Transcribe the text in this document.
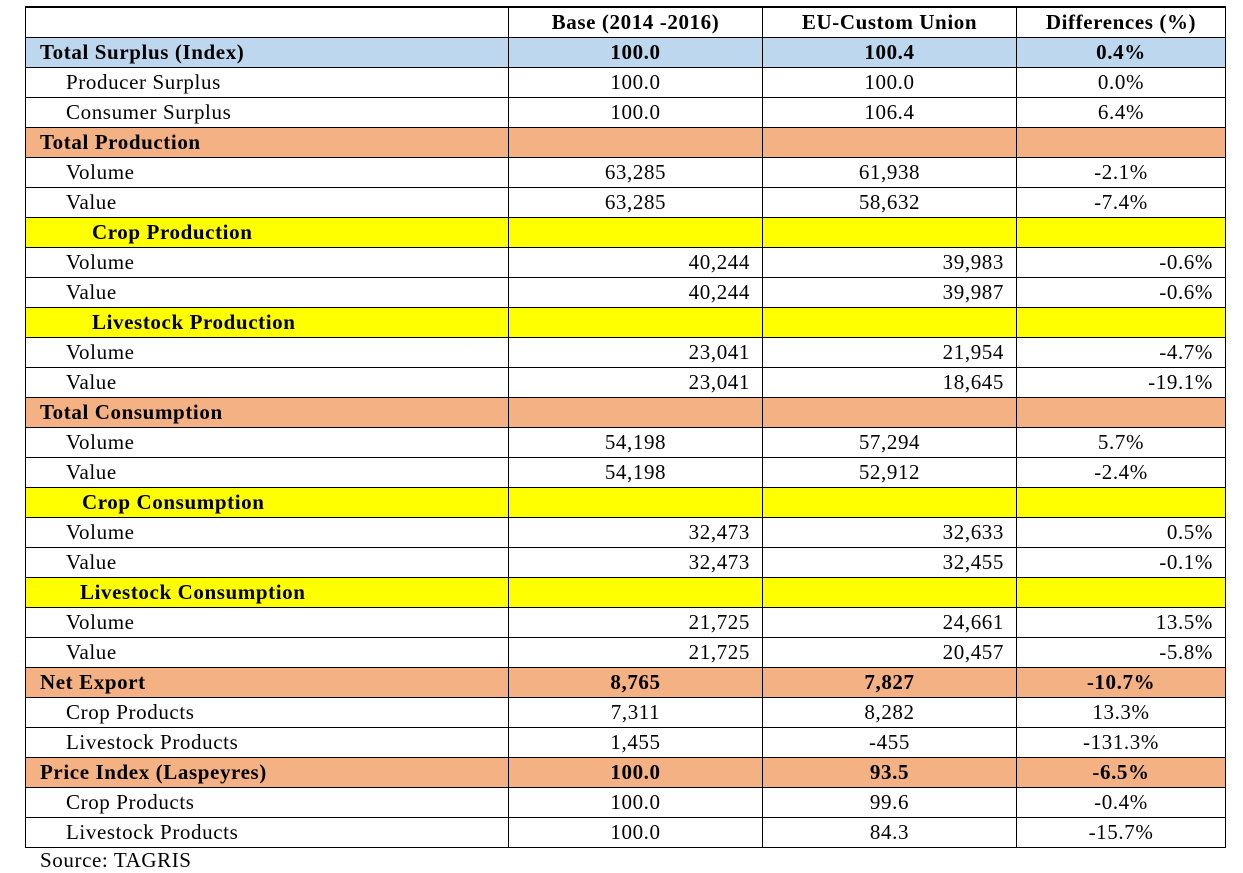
	Base (2014 -2016)	EU-Custom Union	Differences (%)
Total Surplus (Index)	100.0	100.4	0.4%
Producer Surplus	100.0	100.0	0.0%
Consumer Surplus	100.0	106.4	6.4%
Total Production			
Volume	63,285	61,938	-2.1%
Value	63,285	58,632	-7.4%
Crop Production			
Volume	40,244	39,983	-0.6%
Value	40,244	39,987	-0.6%
Livestock Production			
Volume	23,041	21,954	-4.7%
Value	23,041	18,645	-19.1%
Total Consumption			
Volume	54,198	57,294	5.7%
Value	54,198	52,912	-2.4%
Crop Consumption			
Volume	32,473	32,633	0.5%
Value	32,473	32,455	-0.1%
Livestock Consumption			
Volume	21,725	24,661	13.5%
Value	21,725	20,457	-5.8%
Net Export	8,765	7,827	-10.7%
Crop Products	7,311	8,282	13.3%
Livestock Products	1,455	-455	-131.3%
Price Index (Laspeyres)	100.0	93.5	-6.5%
Crop Products	100.0	99.6	-0.4%
Livestock Products	100.0	84.3	-15.7%
Source: TAGRIS
